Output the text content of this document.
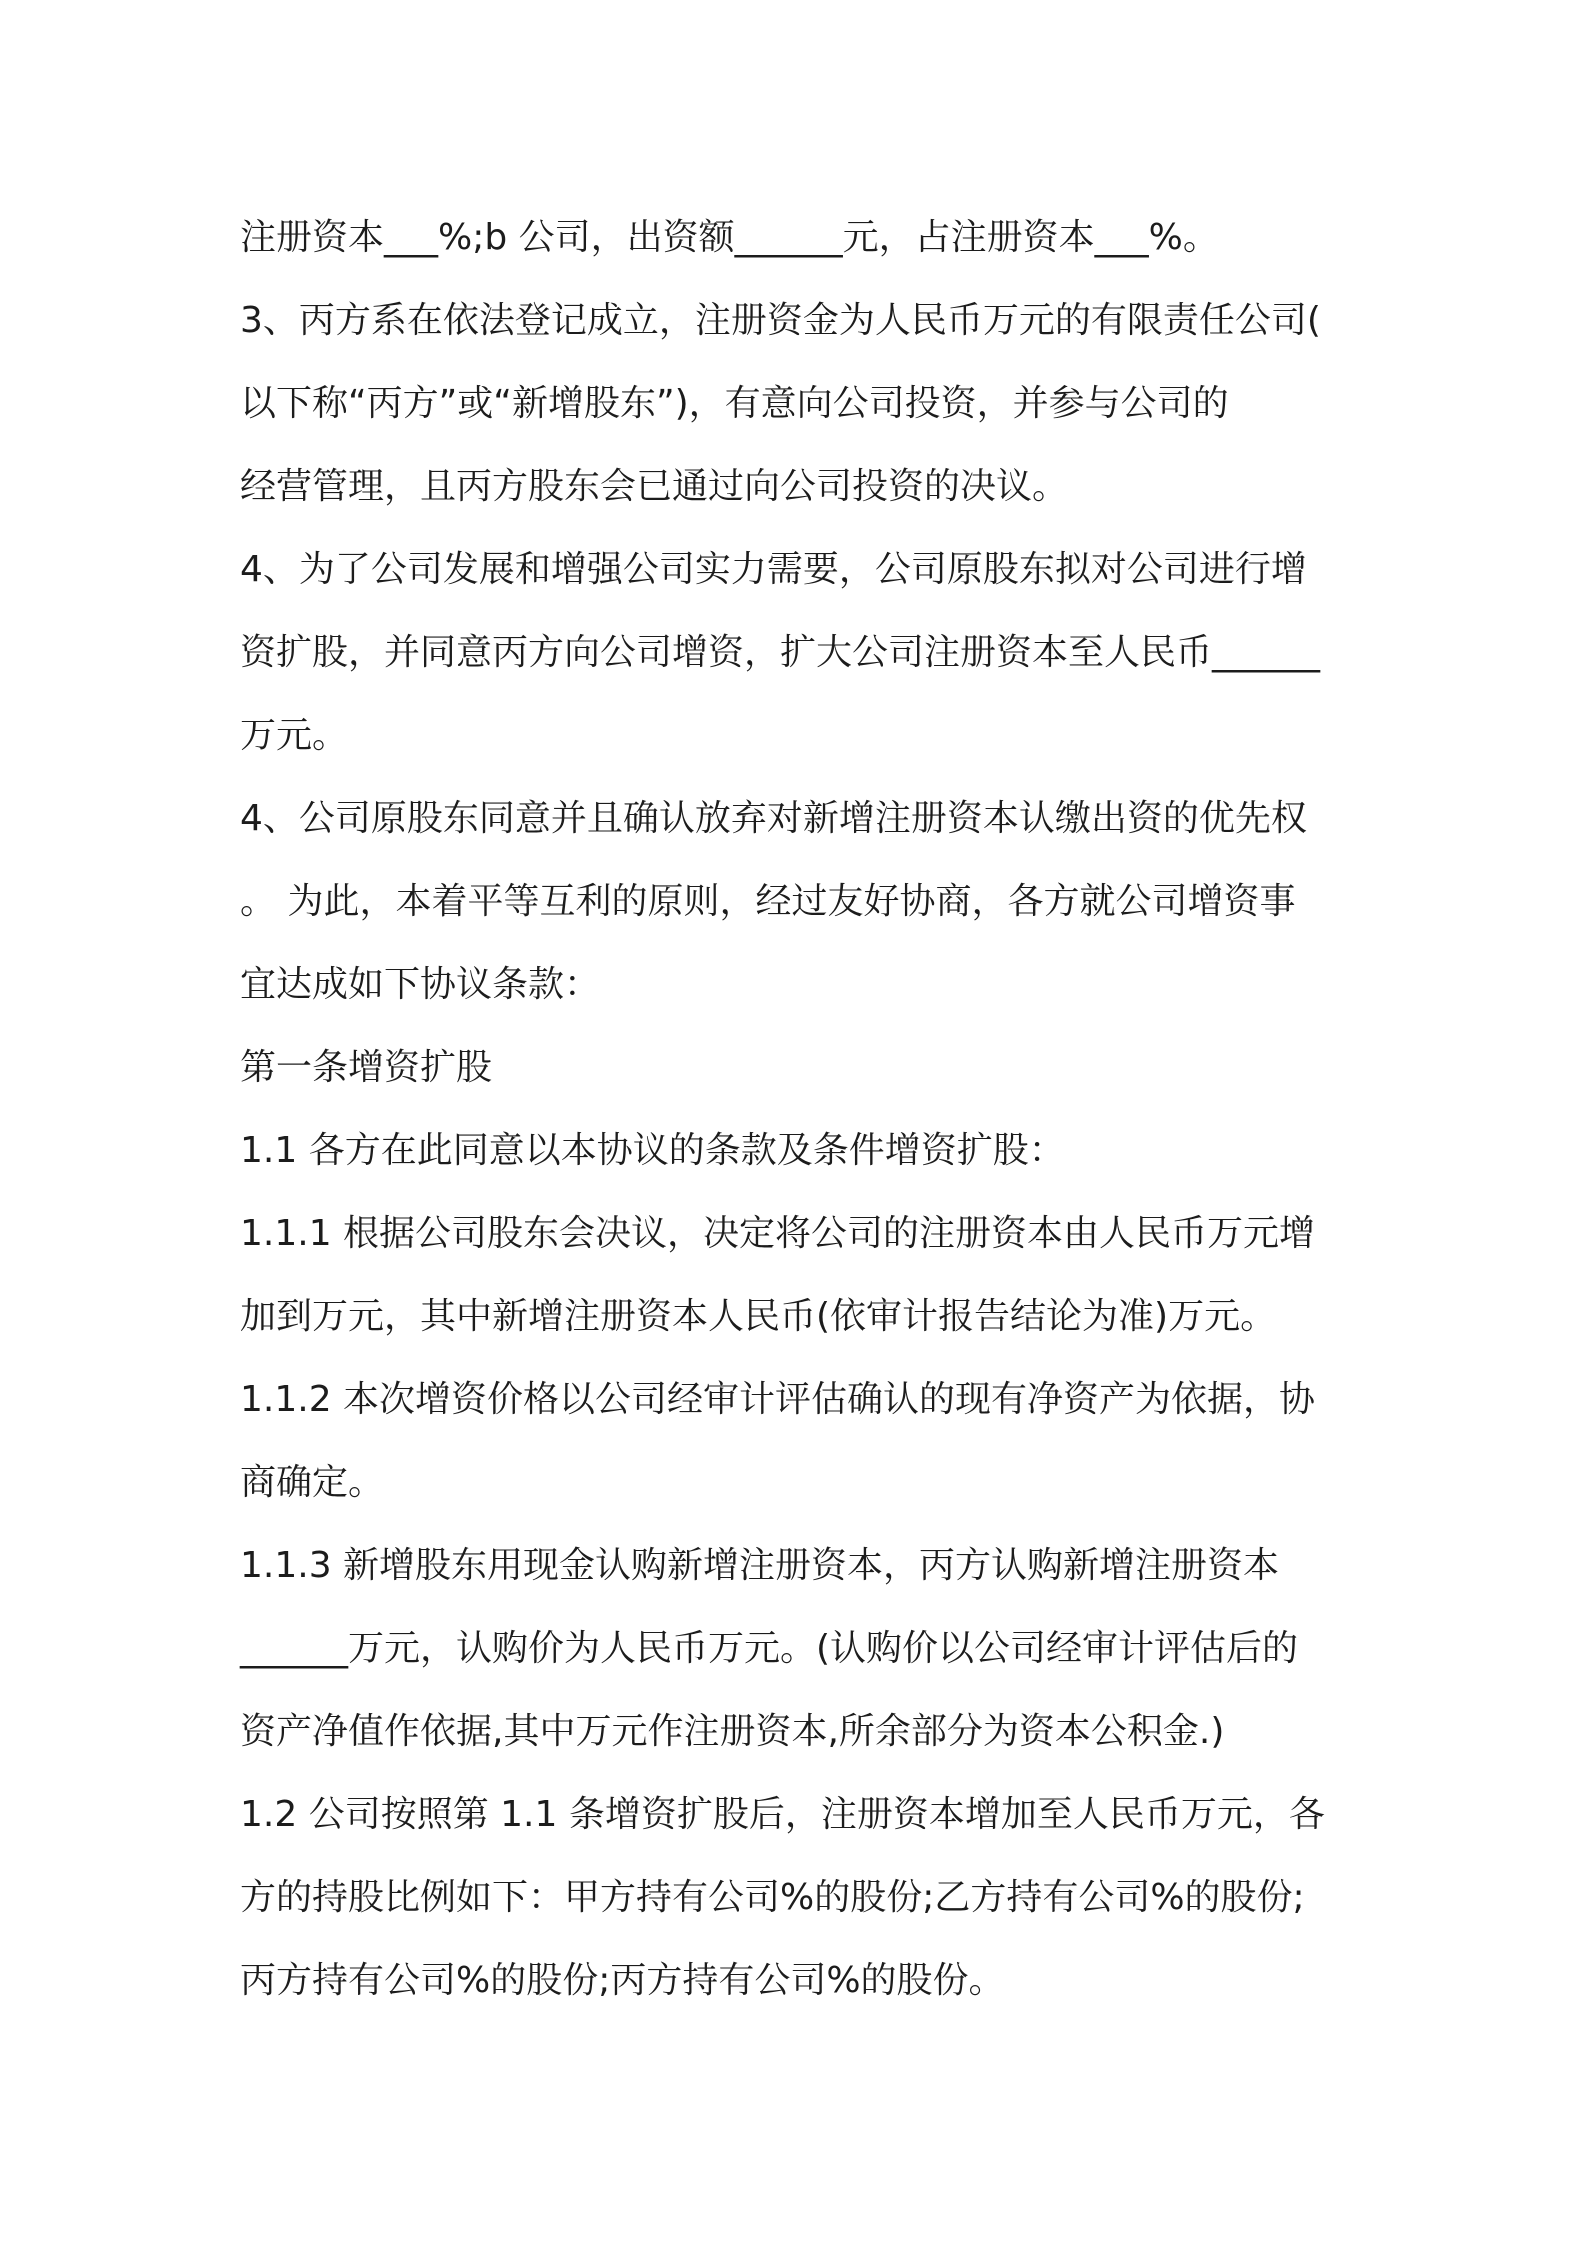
注册资本___%;b 公司，出资额______元，占注册资本___%。
3、丙方系在依法登记成立，注册资金为人民币万元的有限责任公司(
以下称“丙方”或“新增股东”)，有意向公司投资，并参与公司的
经营管理，且丙方股东会已通过向公司投资的决议。
4、为了公司发展和增强公司实力需要，公司原股东拟对公司进行增
资扩股，并同意丙方向公司增资，扩大公司注册资本至人民币______
万元。
4、公司原股东同意并且确认放弃对新增注册资本认缴出资的优先权
。 为此，本着平等互利的原则，经过友好协商，各方就公司增资事
宜达成如下协议条款：
第一条增资扩股
1.1 各方在此同意以本协议的条款及条件增资扩股：
1.1.1 根据公司股东会决议，决定将公司的注册资本由人民币万元增
加到万元，其中新增注册资本人民币(依审计报告结论为准)万元。
1.1.2 本次增资价格以公司经审计评估确认的现有净资产为依据，协
商确定。
1.1.3 新增股东用现金认购新增注册资本，丙方认购新增注册资本
______万元，认购价为人民币万元。(认购价以公司经审计评估后的
资产净值作依据,其中万元作注册资本,所余部分为资本公积金.)
1.2 公司按照第 1.1 条增资扩股后，注册资本增加至人民币万元，各
方的持股比例如下：甲方持有公司%的股份;乙方持有公司%的股份;
丙方持有公司%的股份;丙方持有公司%的股份。
